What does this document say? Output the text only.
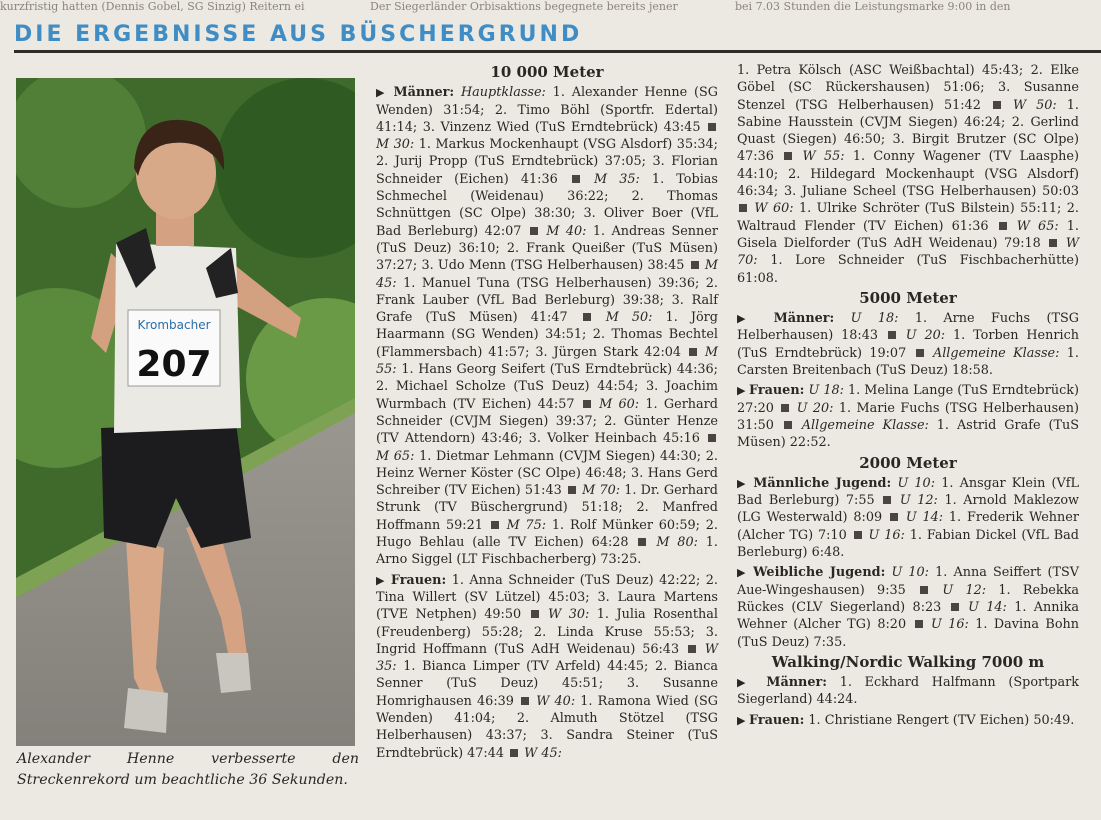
kurzfristig hatten (Dennis Gobel, SG Sinzig) Reitern ei	Der Siegerländer Orbisaktions begegnete bereits jener	bei 7.03 Stunden die Leistungsmarke 9:00 in den
DIE ERGEBNISSE AUS BÜSCHERGRUND
Krombacher
207

Alexander Henne verbesserte den Streckenrekord um beachtliche 36 Sekunden.

10 000 Meter

▶ Männer: Hauptklasse: 1. Alexander Henne (SG Wenden) 31:54; 2. Timo Böhl (Sportfr. Edertal) 41:14; 3. Vinzenz Wied (TuS Erndtebrück) 43:45  M 30: 1. Markus Mockenhaupt (VSG Alsdorf) 35:34; 2. Jurij Propp (TuS Erndtebrück) 37:05; 3. Florian Schneider (Eichen) 41:36  M 35: 1. Tobias Schmechel (Weidenau) 36:22; 2. Thomas Schnüttgen (SC Olpe) 38:30; 3. Oliver Boer (VfL Bad Berleburg) 42:07  M 40: 1. Andreas Senner (TuS Deuz) 36:10; 2. Frank Queißer (TuS Müsen) 37:27; 3. Udo Menn (TSG Helberhausen) 38:45  M 45: 1. Manuel Tuna (TSG Helberhausen) 39:36; 2. Frank Lauber (VfL Bad Berleburg) 39:38; 3. Ralf Grafe (TuS Müsen) 41:47  M 50: 1. Jörg Haarmann (SG Wenden) 34:51; 2. Thomas Bechtel (Flammersbach) 41:57; 3. Jürgen Stark 42:04  M 55: 1. Hans Georg Seifert (TuS Erndtebrück) 44:36; 2. Michael Scholze (TuS Deuz) 44:54; 3. Joachim Wurmbach (TV Eichen) 44:57  M 60: 1. Gerhard Schneider (CVJM Siegen) 39:37; 2. Günter Henze (TV Attendorn) 43:46; 3. Volker Heinbach 45:16  M 65: 1. Dietmar Lehmann (CVJM Siegen) 44:30; 2. Heinz Werner Köster (SC Olpe) 46:48; 3. Hans Gerd Schreiber (TV Eichen) 51:43  M 70: 1. Dr. Gerhard Strunk (TV Büschergrund) 51:18; 2. Manfred Hoffmann 59:21  M 75: 1. Rolf Münker 60:59; 2. Hugo Behlau (alle TV Eichen) 64:28  M 80: 1. Arno Siggel (LT Fischbacherberg) 73:25.

▶ Frauen: 1. Anna Schneider (TuS Deuz) 42:22; 2. Tina Willert (SV Lützel) 45:03; 3. Laura Martens (TVE Netphen) 49:50  W 30: 1. Julia Rosenthal (Freudenberg) 55:28; 2. Linda Kruse 55:53; 3. Ingrid Hoffmann (TuS AdH Weidenau) 56:43  W 35: 1. Bianca Limper (TV Arfeld) 44:45; 2. Bianca Senner (TuS Deuz) 45:51; 3. Susanne Homrighausen 46:39  W 40: 1. Ramona Wied (SG Wenden) 41:04; 2. Almuth Stötzel (TSG Helberhausen) 43:37; 3. Sandra Steiner (TuS Erndtebrück) 47:44  W 45:

1. Petra Kölsch (ASC Weißbachtal) 45:43; 2. Elke Göbel (SC Rückershausen) 51:06; 3. Susanne Stenzel (TSG Helberhausen) 51:42  W 50: 1. Sabine Hausstein (CVJM Siegen) 46:24; 2. Gerlind Quast (Siegen) 46:50; 3. Birgit Brutzer (SC Olpe) 47:36  W 55: 1. Conny Wagener (TV Laasphe) 44:10; 2. Hildegard Mockenhaupt (VSG Alsdorf) 46:34; 3. Juliane Scheel (TSG Helberhausen) 50:03  W 60: 1. Ulrike Schröter (TuS Bilstein) 55:11; 2. Waltraud Flender (TV Eichen) 61:36  W 65: 1. Gisela Dielforder (TuS AdH Weidenau) 79:18  W 70: 1. Lore Schneider (TuS Fischbacherhütte) 61:08.

5000 Meter

▶ Männer: U 18: 1. Arne Fuchs (TSG Helberhausen) 18:43  U 20: 1. Torben Henrich (TuS Erndtebrück) 19:07  Allgemeine Klasse: 1. Carsten Breitenbach (TuS Deuz) 18:58.

▶ Frauen: U 18: 1. Melina Lange (TuS Erndtebrück) 27:20  U 20: 1. Marie Fuchs (TSG Helberhausen) 31:50  Allgemeine Klasse: 1. Astrid Grafe (TuS Müsen) 22:52.

2000 Meter

▶ Männliche Jugend: U 10: 1. Ansgar Klein (VfL Bad Berleburg) 7:55  U 12: 1. Arnold Maklezow (LG Westerwald) 8:09  U 14: 1. Frederik Wehner (Alcher TG) 7:10  U 16: 1. Fabian Dickel (VfL Bad Berleburg) 6:48.

▶ Weibliche Jugend: U 10: 1. Anna Seiffert (TSV Aue-Wingeshausen) 9:35  U 12: 1. Rebekka Rückes (CLV Siegerland) 8:23  U 14: 1. Annika Wehner (Alcher TG) 8:20  U 16: 1. Davina Bohn (TuS Deuz) 7:35.

Walking/Nordic Walking 7000 m

▶ Männer: 1. Eckhard Halfmann (Sportpark Siegerland) 44:24.

▶ Frauen: 1. Christiane Rengert (TV Eichen) 50:49.
